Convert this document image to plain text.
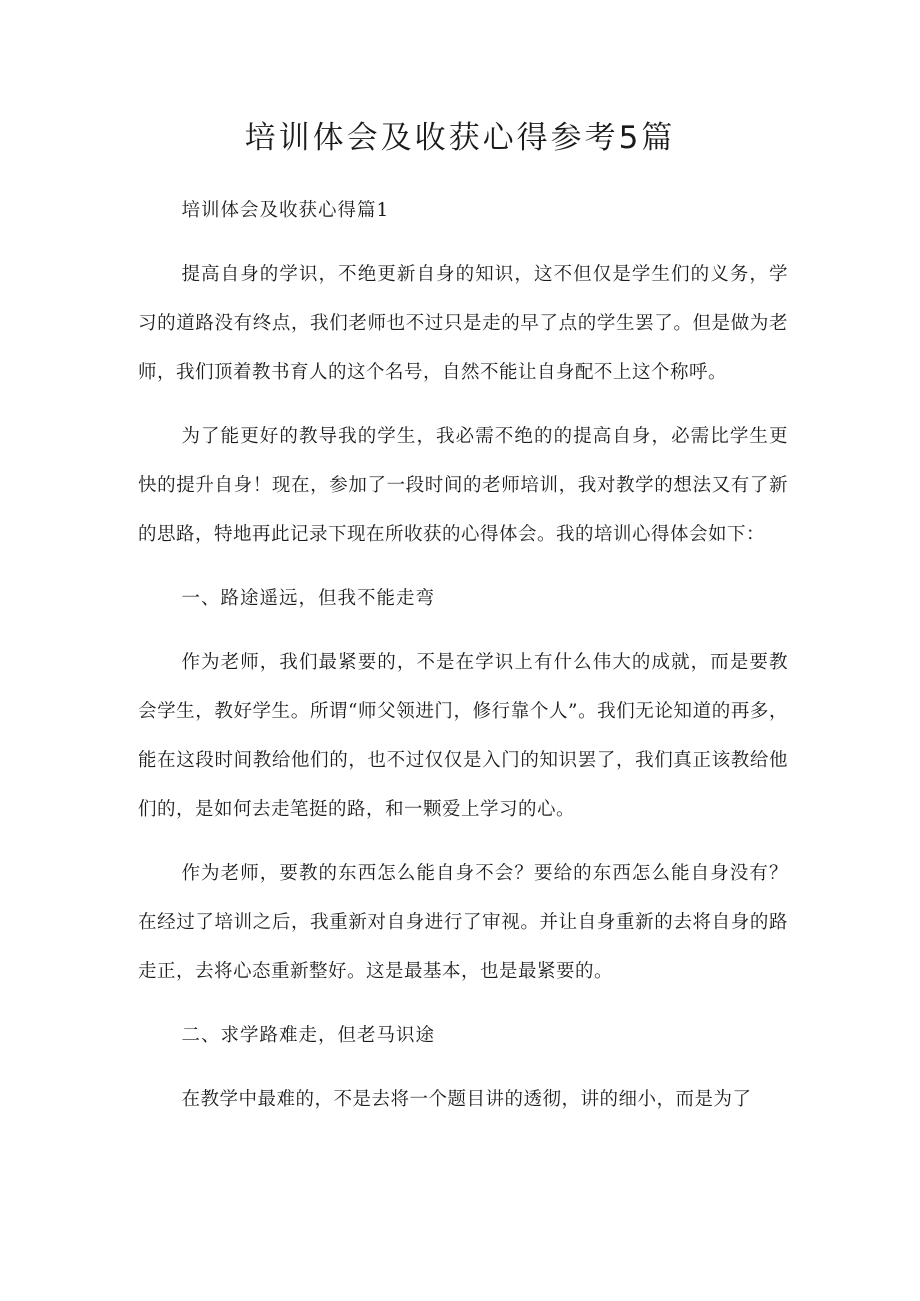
培训体会及收获心得参考5篇

培训体会及收获心得篇1

提高自身的学识，不绝更新自身的知识，这不但仅是学生们的义务，学习的道路没有终点，我们老师也不过只是走的早了点的学生罢了。但是做为老师，我们顶着教书育人的这个名号，自然不能让自身配不上这个称呼。

为了能更好的教导我的学生，我必需不绝的的提高自身，必需比学生更快的提升自身！现在，参加了一段时间的老师培训，我对教学的想法又有了新的思路，特地再此记录下现在所收获的心得体会。我的培训心得体会如下：

一、路途遥远，但我不能走弯

作为老师，我们最紧要的，不是在学识上有什么伟大的成就，而是要教会学生，教好学生。所谓“师父领进门，修行靠个人”。我们无论知道的再多，能在这段时间教给他们的，也不过仅仅是入门的知识罢了，我们真正该教给他们的，是如何去走笔挺的路，和一颗爱上学习的心。

作为老师，要教的东西怎么能自身不会？要给的东西怎么能自身没有？在经过了培训之后，我重新对自身进行了审视。并让自身重新的去将自身的路走正，去将心态重新整好。这是最基本，也是最紧要的。

二、求学路难走，但老马识途

在教学中最难的，不是去将一个题目讲的透彻，讲的细小，而是为了
